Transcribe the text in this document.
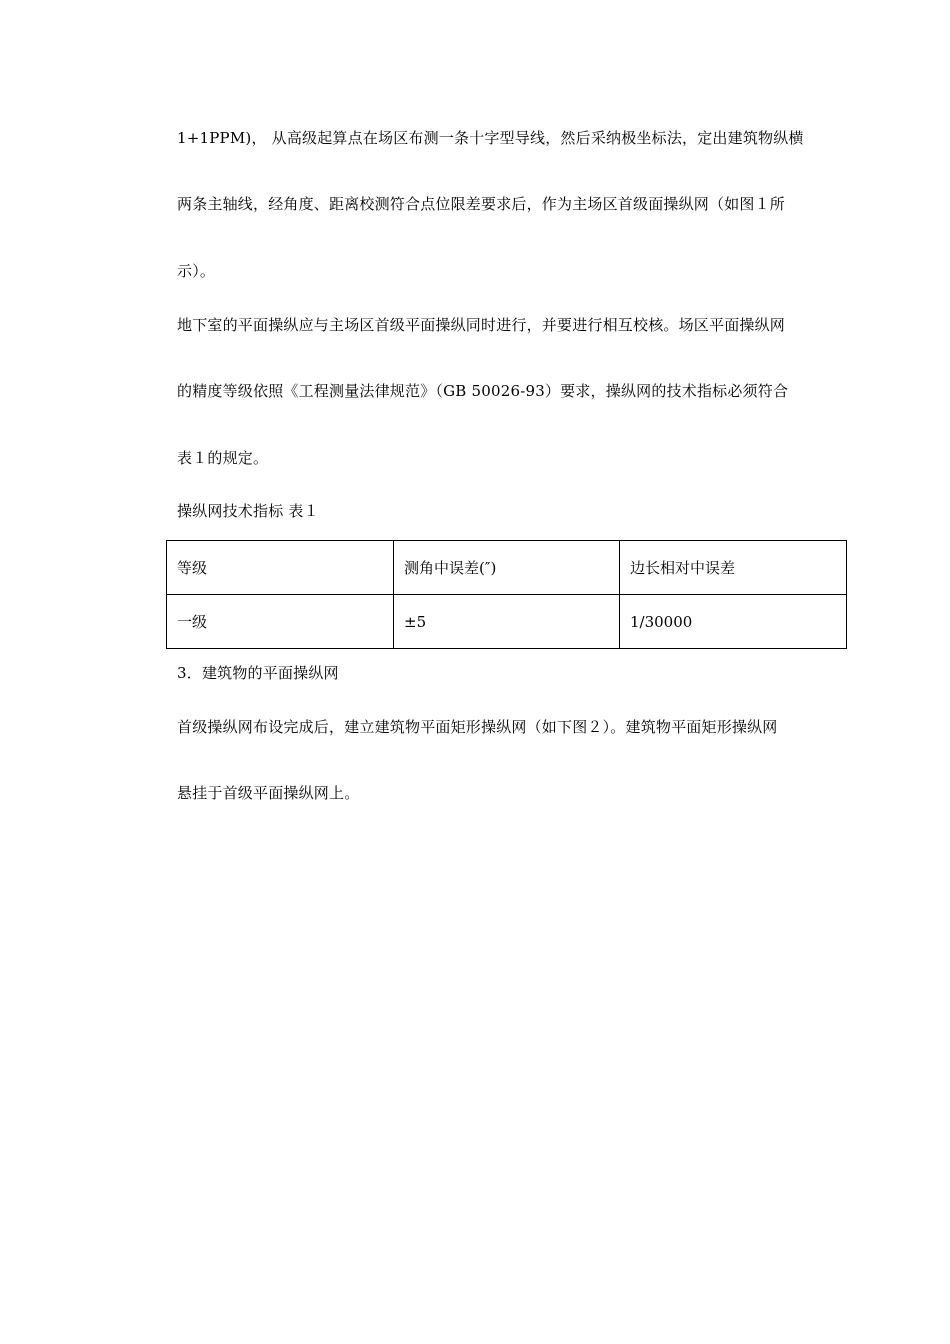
1+1PPM)， 从高级起算点在场区布测一条十字型导线，然后采纳极坐标法，定出建筑物纵横
两条主轴线，经角度、距离校测符合点位限差要求后，作为主场区首级面操纵网（如图１所
示）。
地下室的平面操纵应与主场区首级平面操纵同时进行，并要进行相互校核。场区平面操纵网
的精度等级依照《工程测量法律规范》（GB 50026-93）要求，操纵网的技术指标必须符合
表１的规定。
操纵网技术指标 表１
等级	测角中误差(″)	边长相对中误差
一级	±5	1/30000
3．建筑物的平面操纵网
首级操纵网布设完成后，建立建筑物平面矩形操纵网（如下图２）。建筑物平面矩形操纵网
悬挂于首级平面操纵网上。
